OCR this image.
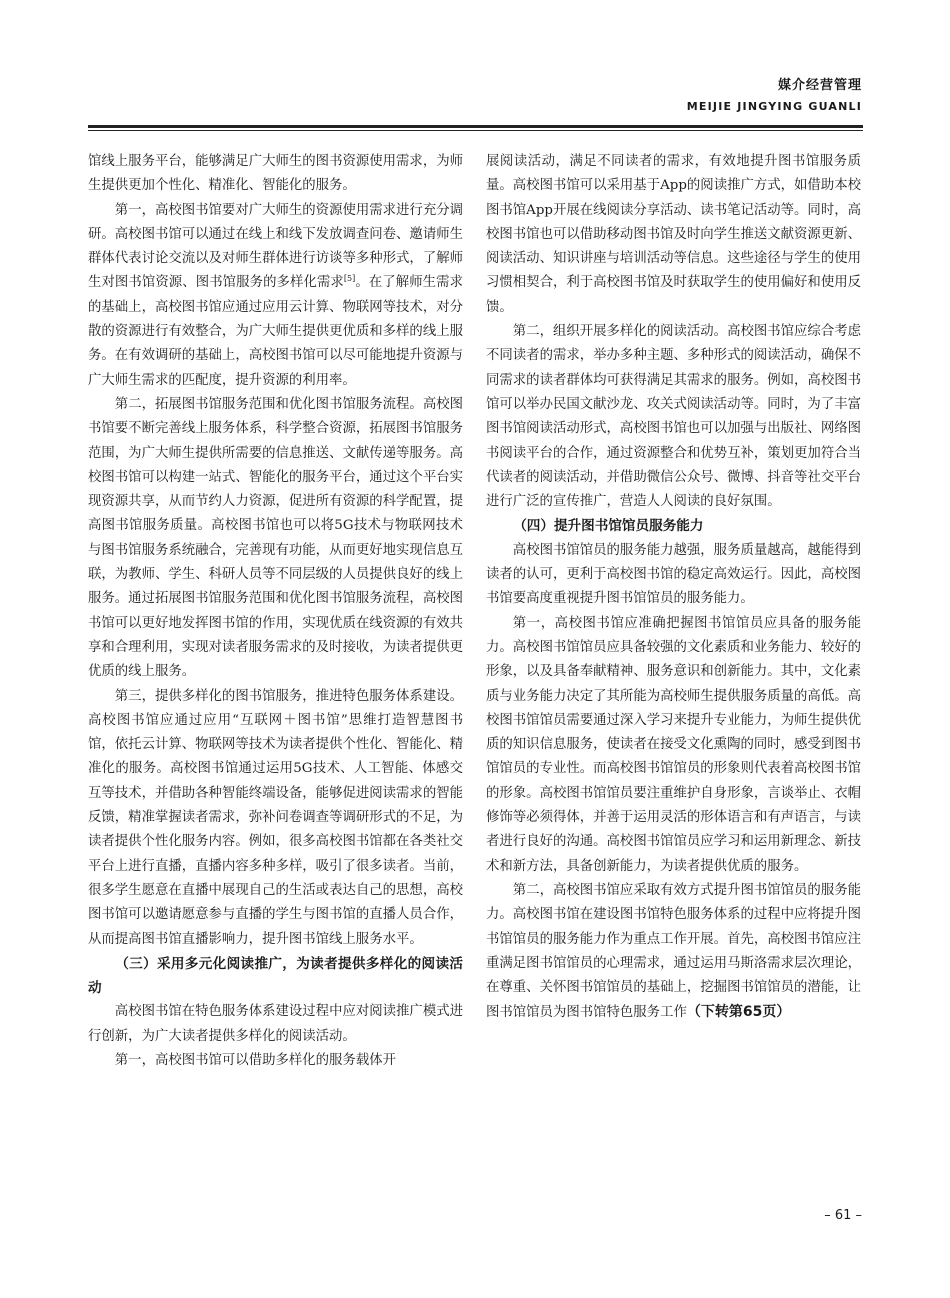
媒介经营管理
MEIJIE JINGYING GUANLI

馆线上服务平台，能够满足广大师生的图书资源使用需求，为师生提供更加个性化、精准化、智能化的服务。

第一，高校图书馆要对广大师生的资源使用需求进行充分调研。高校图书馆可以通过在线上和线下发放调查问卷、邀请师生群体代表讨论交流以及对师生群体进行访谈等多种形式，了解师生对图书馆资源、图书馆服务的多样化需求[5]。在了解师生需求的基础上，高校图书馆应通过应用云计算、物联网等技术，对分散的资源进行有效整合，为广大师生提供更优质和多样的线上服务。在有效调研的基础上，高校图书馆可以尽可能地提升资源与广大师生需求的匹配度，提升资源的利用率。

第二，拓展图书馆服务范围和优化图书馆服务流程。高校图书馆要不断完善线上服务体系，科学整合资源，拓展图书馆服务范围，为广大师生提供所需要的信息推送、文献传递等服务。高校图书馆可以构建一站式、智能化的服务平台，通过这个平台实现资源共享，从而节约人力资源，促进所有资源的科学配置，提高图书馆服务质量。高校图书馆也可以将5G技术与物联网技术与图书馆服务系统融合，完善现有功能，从而更好地实现信息互联，为教师、学生、科研人员等不同层级的人员提供良好的线上服务。通过拓展图书馆服务范围和优化图书馆服务流程，高校图书馆可以更好地发挥图书馆的作用，实现优质在线资源的有效共享和合理利用，实现对读者服务需求的及时接收，为读者提供更优质的线上服务。

第三，提供多样化的图书馆服务，推进特色服务体系建设。高校图书馆应通过应用“互联网＋图书馆”思维打造智慧图书馆，依托云计算、物联网等技术为读者提供个性化、智能化、精准化的服务。高校图书馆通过运用5G技术、人工智能、体感交互等技术，并借助各种智能终端设备，能够促进阅读需求的智能反馈，精准掌握读者需求，弥补问卷调查等调研形式的不足，为读者提供个性化服务内容。例如，很多高校图书馆都在各类社交平台上进行直播，直播内容多种多样，吸引了很多读者。当前，很多学生愿意在直播中展现自己的生活或表达自己的思想，高校图书馆可以邀请愿意参与直播的学生与图书馆的直播人员合作，从而提高图书馆直播影响力，提升图书馆线上服务水平。

（三）采用多元化阅读推广，为读者提供多样化的阅读活动

高校图书馆在特色服务体系建设过程中应对阅读推广模式进行创新，为广大读者提供多样化的阅读活动。

第一，高校图书馆可以借助多样化的服务载体开

展阅读活动，满足不同读者的需求，有效地提升图书馆服务质量。高校图书馆可以采用基于App的阅读推广方式，如借助本校图书馆App开展在线阅读分享活动、读书笔记活动等。同时，高校图书馆也可以借助移动图书馆及时向学生推送文献资源更新、阅读活动、知识讲座与培训活动等信息。这些途径与学生的使用习惯相契合，利于高校图书馆及时获取学生的使用偏好和使用反馈。

第二，组织开展多样化的阅读活动。高校图书馆应综合考虑不同读者的需求，举办多种主题、多种形式的阅读活动，确保不同需求的读者群体均可获得满足其需求的服务。例如，高校图书馆可以举办民国文献沙龙、攻关式阅读活动等。同时，为了丰富图书馆阅读活动形式，高校图书馆也可以加强与出版社、网络图书阅读平台的合作，通过资源整合和优势互补，策划更加符合当代读者的阅读活动，并借助微信公众号、微博、抖音等社交平台进行广泛的宣传推广，营造人人阅读的良好氛围。

（四）提升图书馆馆员服务能力

高校图书馆馆员的服务能力越强，服务质量越高，越能得到读者的认可，更利于高校图书馆的稳定高效运行。因此，高校图书馆要高度重视提升图书馆馆员的服务能力。

第一，高校图书馆应准确把握图书馆馆员应具备的服务能力。高校图书馆馆员应具备较强的文化素质和业务能力、较好的形象，以及具备奉献精神、服务意识和创新能力。其中，文化素质与业务能力决定了其所能为高校师生提供服务质量的高低。高校图书馆馆员需要通过深入学习来提升专业能力，为师生提供优质的知识信息服务，使读者在接受文化熏陶的同时，感受到图书馆馆员的专业性。而高校图书馆馆员的形象则代表着高校图书馆的形象。高校图书馆馆员要注重维护自身形象，言谈举止、衣帽修饰等必须得体，并善于运用灵活的形体语言和有声语言，与读者进行良好的沟通。高校图书馆馆员应学习和运用新理念、新技术和新方法，具备创新能力，为读者提供优质的服务。

第二，高校图书馆应采取有效方式提升图书馆馆员的服务能力。高校图书馆在建设图书馆特色服务体系的过程中应将提升图书馆馆员的服务能力作为重点工作开展。首先，高校图书馆应注重满足图书馆馆员的心理需求，通过运用马斯洛需求层次理论，在尊重、关怀图书馆馆员的基础上，挖掘图书馆馆员的潜能，让图书馆馆员为图书馆特色服务工作（下转第65页）

– 61 –
